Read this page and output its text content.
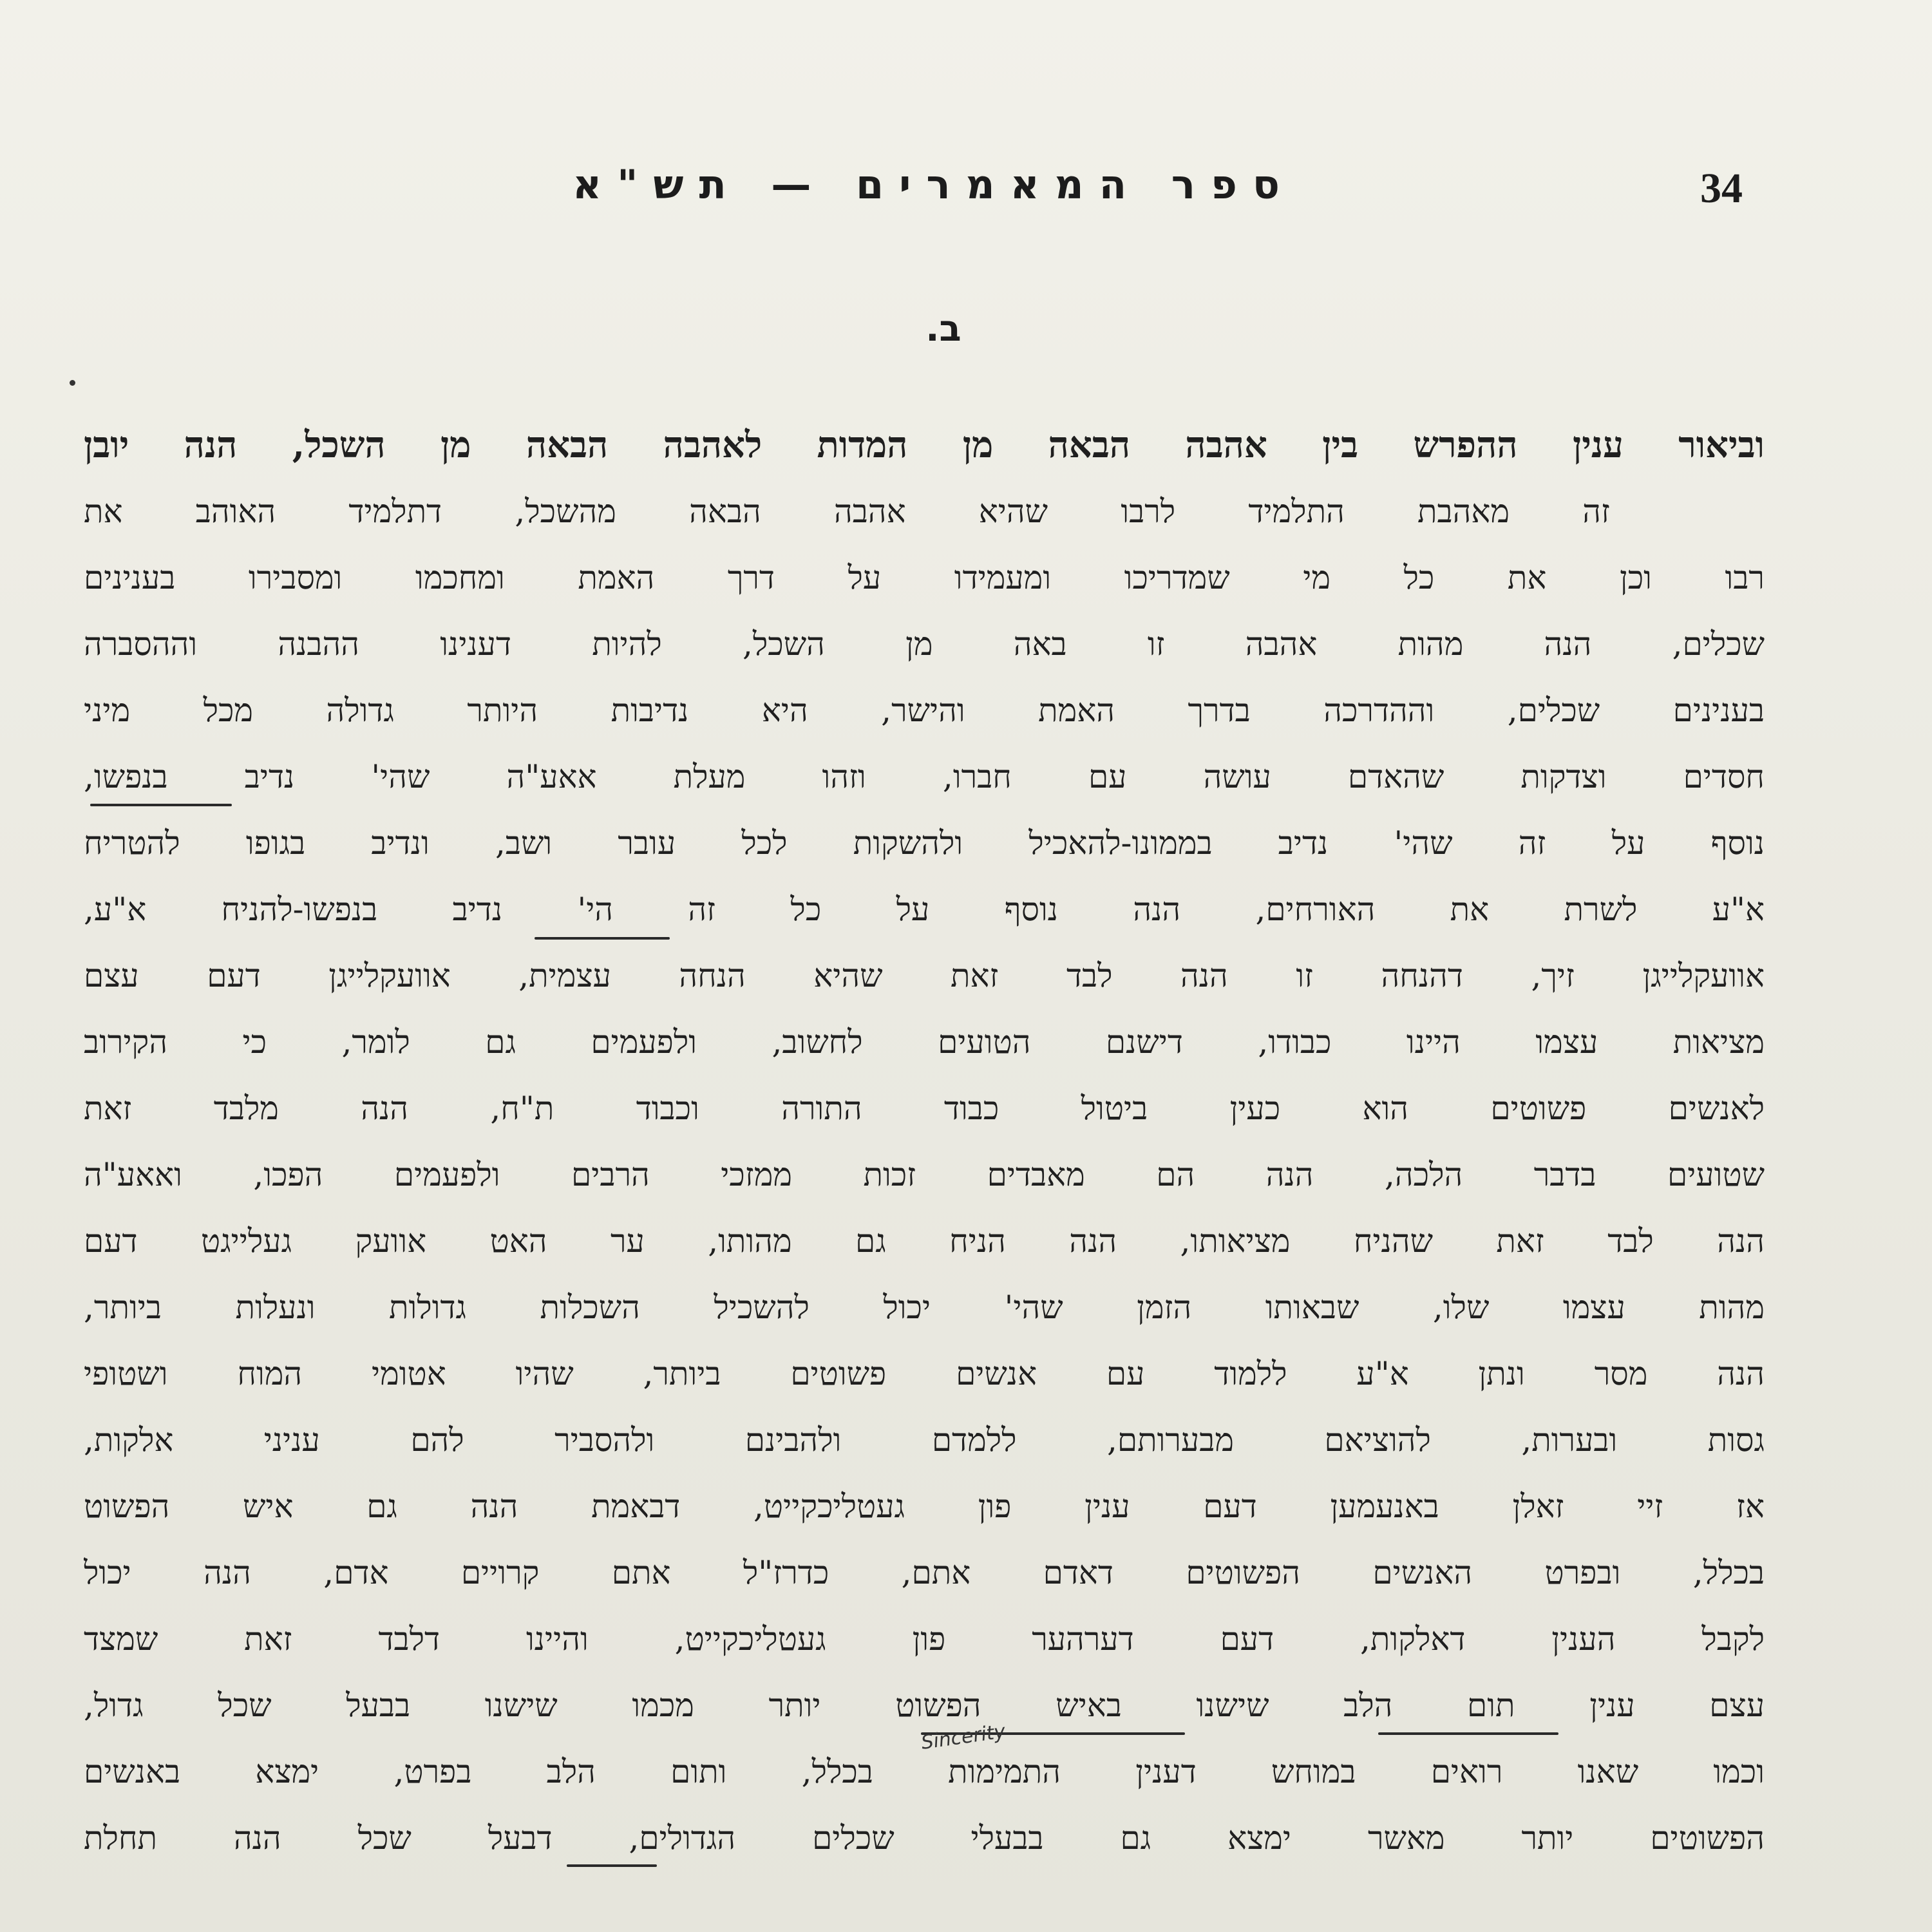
34
ספר המאמרים — תש"א
ב.
וביאור ענין ההפרש בין אהבה הבאה מן המדות לאהבה הבאה מן השכל, הנה יובן
זה מאהבת התלמיד לרבו שהיא אהבה הבאה מהשכל, דתלמיד האוהב את
רבו וכן את כל מי שמדריכו ומעמידו על דרך האמת ומחכמו ומסבירו בענינים
שכלים, הנה מהות אהבה זו באה מן השכל, להיות דענינו ההבנה וההסברה
בענינים שכלים, וההדרכה בדרך האמת והישר, היא נדיבות היותר גדולה מכל מיני
חסדים וצדקות שהאדם עושה עם חברו, וזהו מעלת אאע"ה שהי' נדיב בנפשו,
נוסף על זה שהי' נדיב בממונו-להאכיל ולהשקות לכל עובר ושב, ונדיב בגופו להטריח
א"ע לשרת את האורחים, הנה נוסף על כל זה הי' נדיב בנפשו-להניח א"ע,
אוועקלייגן זיך, דהנחה זו הנה לבד זאת שהיא הנחה עצמית, אוועקלייגן דעם עצם
מציאות עצמו היינו כבודו, דישנם הטועים לחשוב, ולפעמים גם לומר, כי הקירוב
לאנשים פשוטים הוא כעין ביטול כבוד התורה וכבוד ת"ח, הנה מלבד זאת
שטועים בדבר הלכה, הנה הם מאבדים זכות ממזכי הרבים ולפעמים הפכו, ואאע"ה
הנה לבד זאת שהניח מציאותו, הנה הניח גם מהותו, ער האט אוועק געלייגט דעם
מהות עצמו שלו, שבאותו הזמן שהי' יכול להשכיל השכלות גדולות ונעלות ביותר,
הנה מסר ונתן א"ע ללמוד עם אנשים פשוטים ביותר, שהיו אטומי המוח ושטופי
גסות ובערות, להוציאם מבערותם, ללמדם ולהבינם ולהסביר להם עניני אלקות,
אז זיי זאלן באנעמען דעם ענין פון געטליכקייט, דבאמת הנה גם איש הפשוט
בכלל, ובפרט האנשים הפשוטים דאדם אתם, כדרז"ל אתם קרויים אדם, הנה יכול
לקבל הענין דאלקות, דעם דערהער פון געטליכקייט, והיינו דלבד זאת שמצד
עצם ענין תום הלב שישנו באיש הפשוט יותר מכמו שישנו בבעל שכל גדול,
וכמו שאנו רואים במוחש דענין התמימות בכלל, ותום הלב בפרט, ימצא באנשים
הפשוטים יותר מאשר ימצא גם בבעלי שכלים הגדולים, דבעל שכל הנה תחלת
Sincerity
